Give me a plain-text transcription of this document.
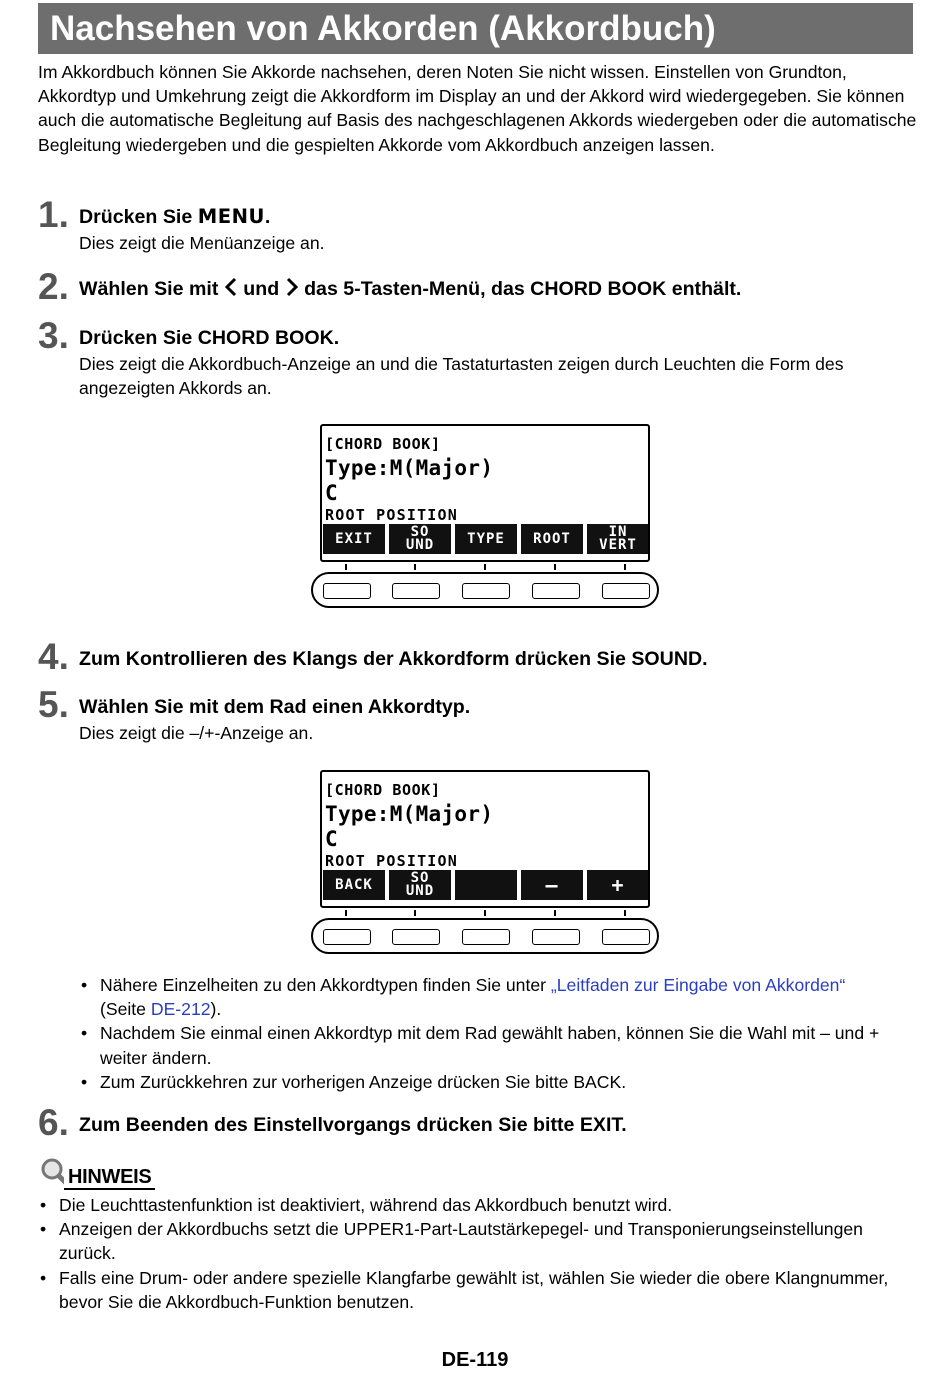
Nachsehen von Akkorden (Akkordbuch)
Im Akkordbuch können Sie Akkorde nachsehen, deren Noten Sie nicht wissen. Einstellen von Grundton, Akkordtyp und Umkehrung zeigt die Akkordform im Display an und der Akkord wird wiedergegeben. Sie können auch die automatische Begleitung auf Basis des nachgeschlagenen Akkords wiedergeben oder die automatische Begleitung wiedergeben und die gespielten Akkorde vom Akkordbuch anzeigen lassen.
1. Drücken Sie MENU.
Dies zeigt die Menüanzeige an.
2. Wählen Sie mit und das 5-Tasten-Menü, das CHORD BOOK enthält.
3. Drücken Sie CHORD BOOK.
Dies zeigt die Akkordbuch-Anzeige an und die Tastaturtasten zeigen durch Leuchten die Form des angezeigten Akkords an.
[CHORD BOOK]
Type:M(Major)
C
ROOT POSITION
EXIT	SO
UND TYPE ROOT	IN
VERT
4. Zum Kontrollieren des Klangs der Akkordform drücken Sie SOUND.
5. Wählen Sie mit dem Rad einen Akkordtyp.
Dies zeigt die –/+-Anzeige an.
[CHORD BOOK]
Type:M(Major)
C
ROOT POSITION
BACK	SO
UND	–	+
• Nähere Einzelheiten zu den Akkordtypen finden Sie unter „Leitfaden zur Eingabe von Akkorden“
(Seite DE-212).
• Nachdem Sie einmal einen Akkordtyp mit dem Rad gewählt haben, können Sie die Wahl mit – und + weiter ändern.
• Zum Zurückkehren zur vorherigen Anzeige drücken Sie bitte BACK.
6. Zum Beenden des Einstellvorgangs drücken Sie bitte EXIT.
HINWEIS
• Die Leuchttastenfunktion ist deaktiviert, während das Akkordbuch benutzt wird.
• Anzeigen der Akkordbuchs setzt die UPPER1-Part-Lautstärkepegel- und Transponierungseinstellungen zurück.
• Falls eine Drum- oder andere spezielle Klangfarbe gewählt ist, wählen Sie wieder die obere Klangnummer, bevor Sie die Akkordbuch-Funktion benutzen.
DE-119
